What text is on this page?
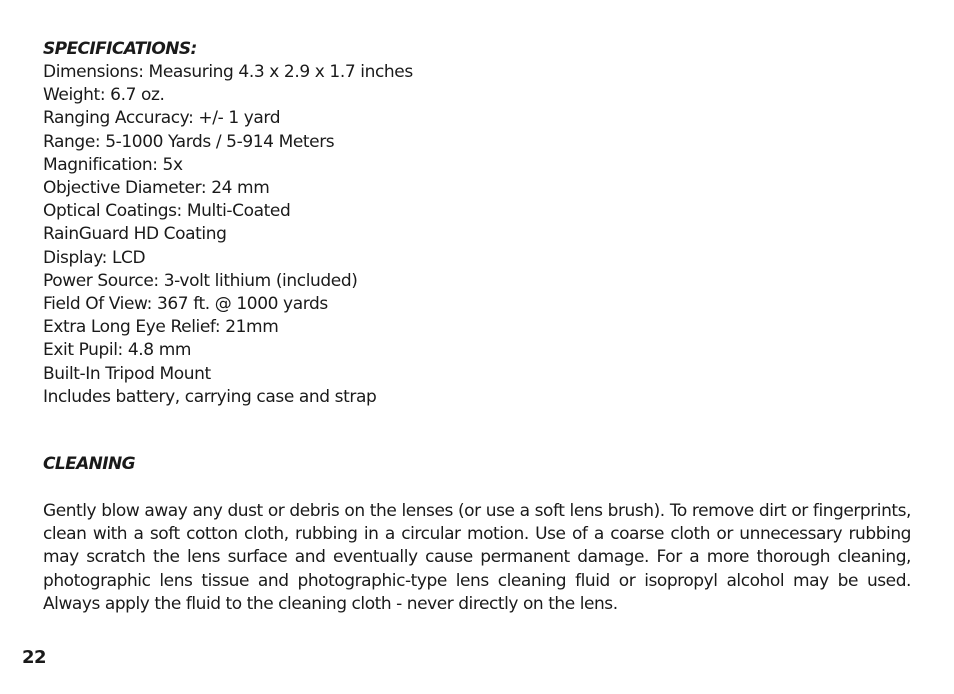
SPECIFICATIONS:
Dimensions: Measuring 4.3 x 2.9 x 1.7 inches
Weight: 6.7 oz.
Ranging Accuracy: +/- 1 yard
Range: 5-1000 Yards / 5-914 Meters
Magnification: 5x
Objective Diameter: 24 mm
Optical Coatings: Multi-Coated
RainGuard HD Coating
Display: LCD
Power Source: 3-volt lithium (included)
Field Of View: 367 ft. @ 1000 yards
Extra Long Eye Relief: 21mm
Exit Pupil: 4.8 mm
Built-In Tripod Mount
Includes battery, carrying case and strap
CLEANING

Gently blow away any dust or debris on the lenses (or use a soft lens brush). To remove dirt or fingerprints, clean with a soft cotton cloth, rubbing in a circular motion. Use of a coarse cloth or unnecessary rubbing may scratch the lens surface and eventually cause permanent damage. For a more thorough cleaning, photographic lens tissue and photographic-type lens cleaning fluid or isopropyl alcohol may be used. Always apply the fluid to the cleaning cloth - never directly on the lens.

22
